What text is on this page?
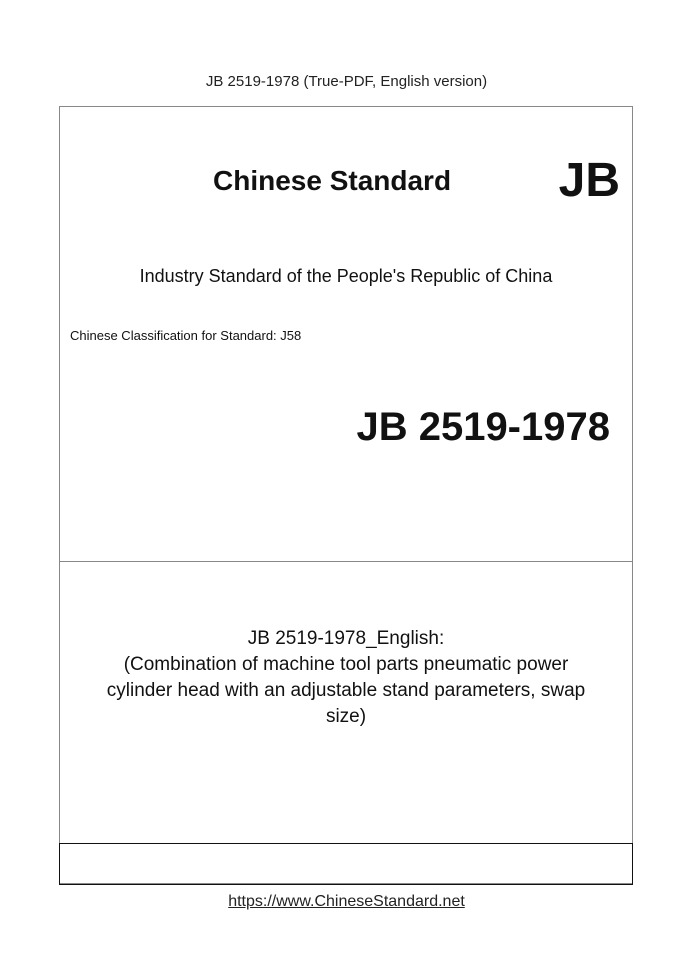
JB 2519-1978 (True-PDF, English version)
Chinese Standard JB
Industry Standard of the People's Republic of China
Chinese Classification for Standard: J58
JB 2519-1978
JB 2519-1978_English:
(Combination of machine tool parts pneumatic power
cylinder head with an adjustable stand parameters, swap
size)
https://www.ChineseStandard.net
